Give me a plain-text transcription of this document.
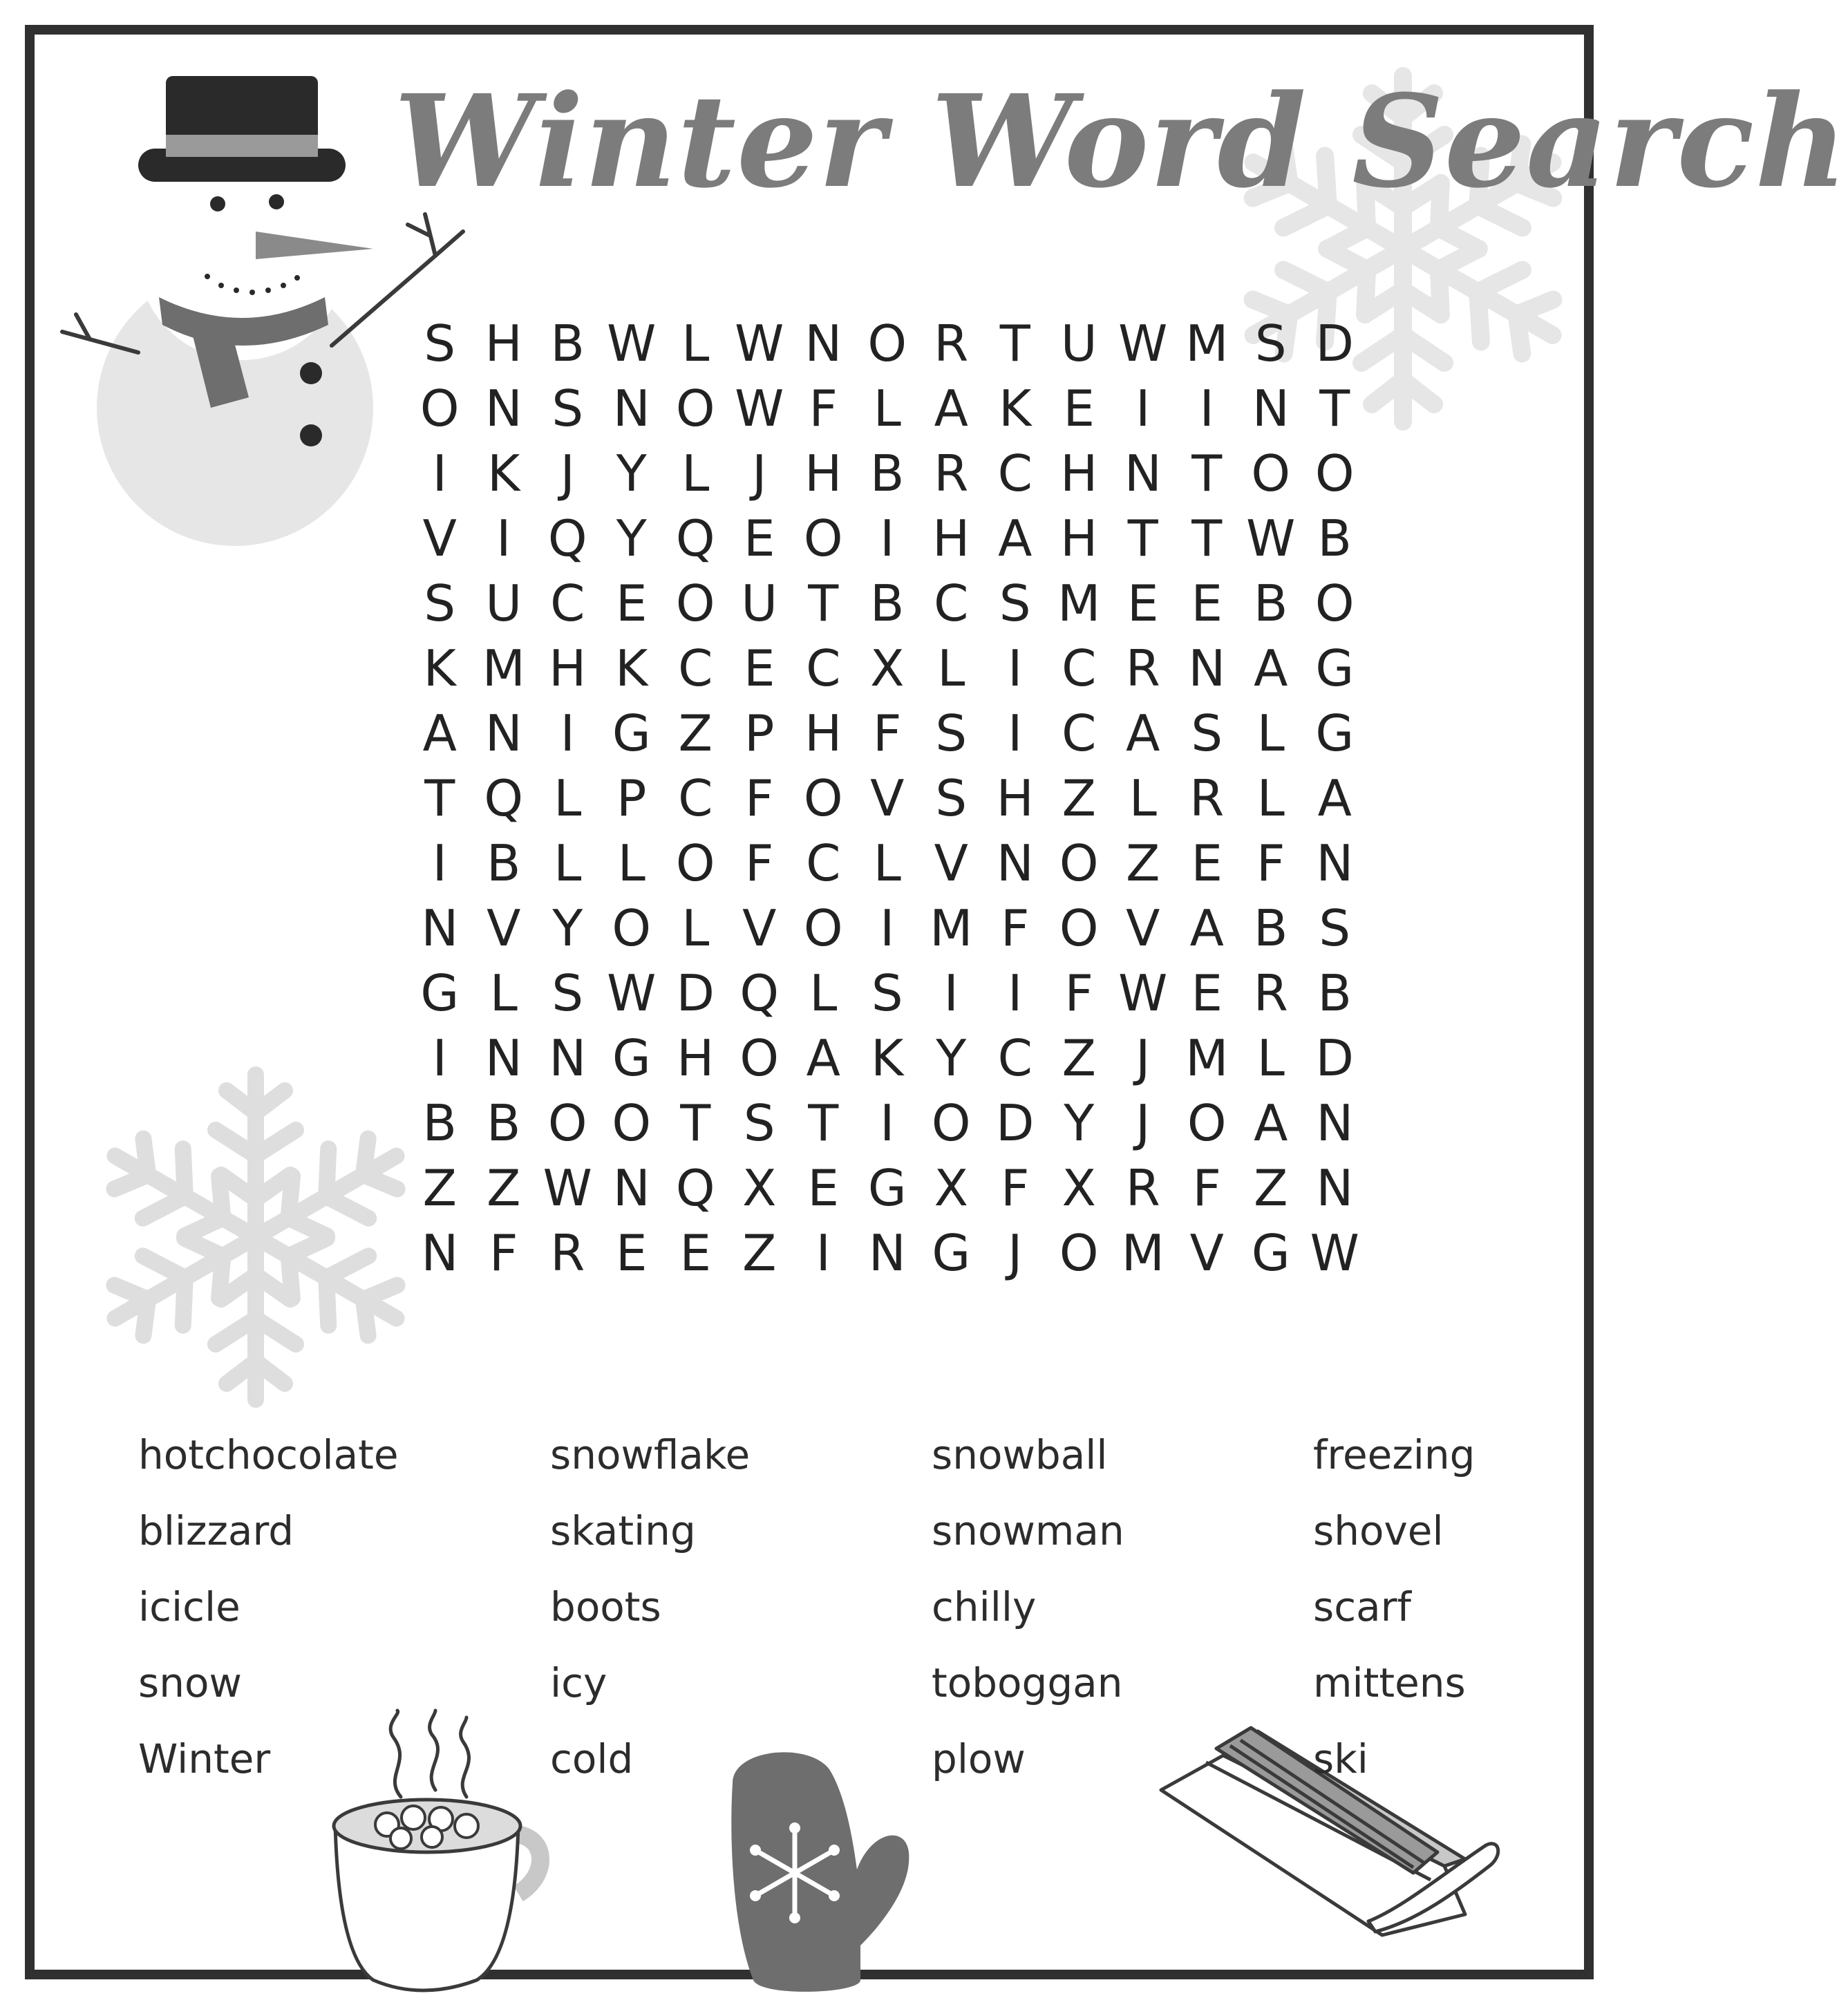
Winter Word Search
S H B W L W N O R T U W M S D
O N S N O W F L A K E I I N T
I K J Y L J H B R C H N T O O
V I Q Y Q E O I H A H T T W B
S U C E O U T B C S M E E B O
K M H K C E C X L I C R N A G
A N I G Z P H F S I C A S L G
T Q L P C F O V S H Z L R L A
I B L L O F C L V N O Z E F N
N V Y O L V O I M F O V A B S
G L S W D Q L S I I F W E R B
I N N G H O A K Y C Z J M L D
B B O O T S T I O D Y J O A N
Z Z W N Q X E G X F X R F Z N
N F R E E Z I N G J O M V G W
hotchocolate
blizzard
icicle
snow
Winter
snowflake
skating
boots
icy
cold
snowball
snowman
chilly
toboggan
plow
freezing
shovel
scarf
mittens
ski
